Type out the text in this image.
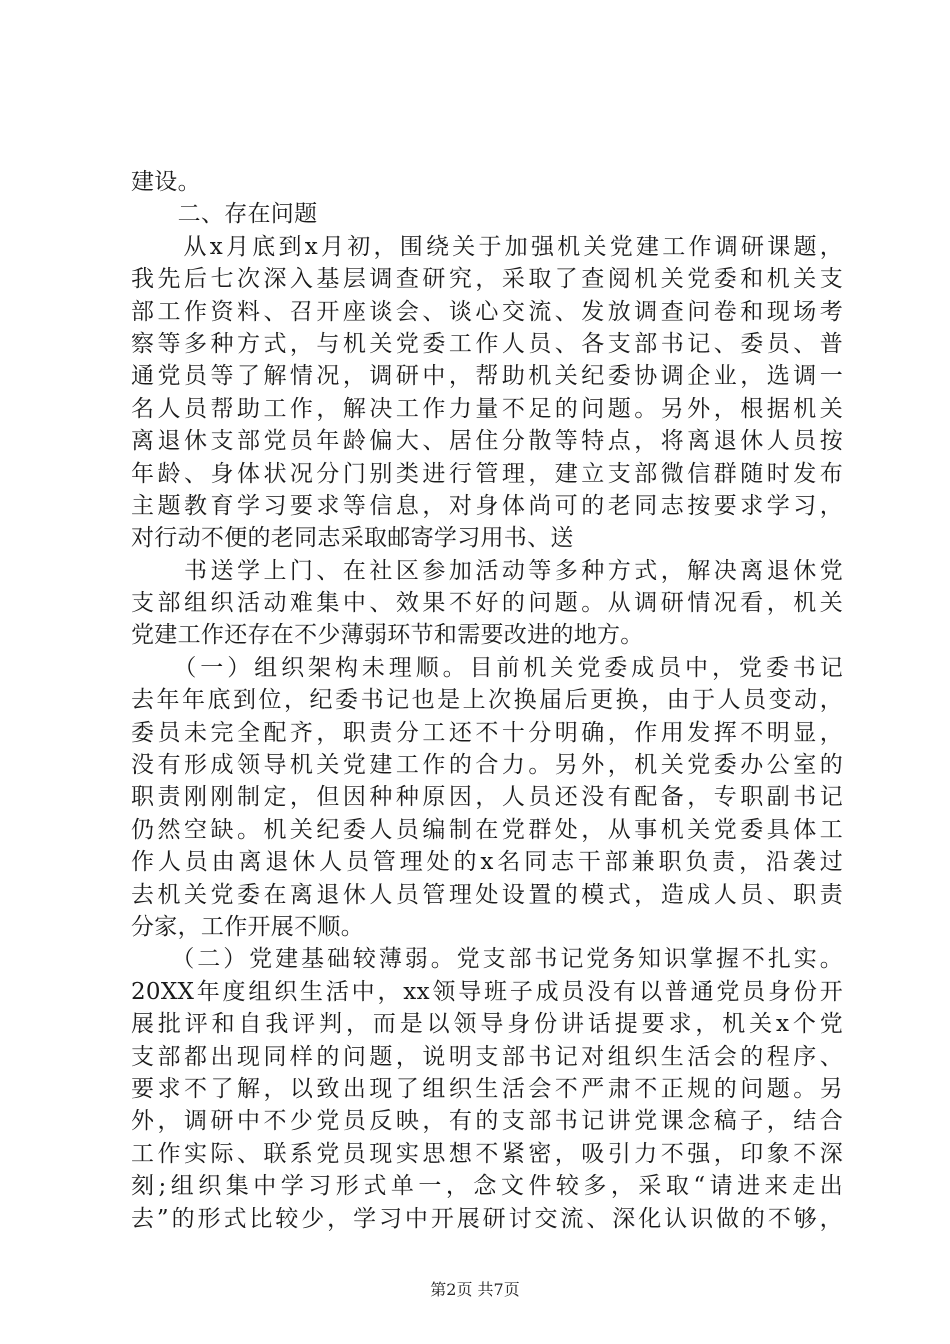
建设。
　　二、存在问题
　　从x月底到x月初，围绕关于加强机关党建工作调研课题，
我先后七次深入基层调查研究，采取了查阅机关党委和机关支
部工作资料、召开座谈会、谈心交流、发放调查问卷和现场考
察等多种方式，与机关党委工作人员、各支部书记、委员、普
通党员等了解情况，调研中，帮助机关纪委协调企业，选调一
名人员帮助工作，解决工作力量不足的问题。另外，根据机关
离退休支部党员年龄偏大、居住分散等特点，将离退休人员按
年龄、身体状况分门别类进行管理，建立支部微信群随时发布
主题教育学习要求等信息，对身体尚可的老同志按要求学习，
对行动不便的老同志采取邮寄学习用书、送
　　书送学上门、在社区参加活动等多种方式，解决离退休党
支部组织活动难集中、效果不好的问题。从调研情况看，机关
党建工作还存在不少薄弱环节和需要改进的地方。
　　（一）组织架构未理顺。目前机关党委成员中，党委书记
去年年底到位，纪委书记也是上次换届后更换，由于人员变动，
委员未完全配齐，职责分工还不十分明确，作用发挥不明显，
没有形成领导机关党建工作的合力。另外，机关党委办公室的
职责刚刚制定，但因种种原因，人员还没有配备，专职副书记
仍然空缺。机关纪委人员编制在党群处，从事机关党委具体工
作人员由离退休人员管理处的x名同志干部兼职负责，沿袭过
去机关党委在离退休人员管理处设置的模式，造成人员、职责
分家，工作开展不顺。
　　（二）党建基础较薄弱。党支部书记党务知识掌握不扎实。
20XX年度组织生活中，xx领导班子成员没有以普通党员身份开
展批评和自我评判，而是以领导身份讲话提要求，机关x个党
支部都出现同样的问题，说明支部书记对组织生活会的程序、
要求不了解，以致出现了组织生活会不严肃不正规的问题。另
外，调研中不少党员反映，有的支部书记讲党课念稿子，结合
工作实际、联系党员现实思想不紧密，吸引力不强，印象不深
刻;组织集中学习形式单一，念文件较多，采取“请进来走出
去”的形式比较少，学习中开展研讨交流、深化认识做的不够，
第2页 共7页
